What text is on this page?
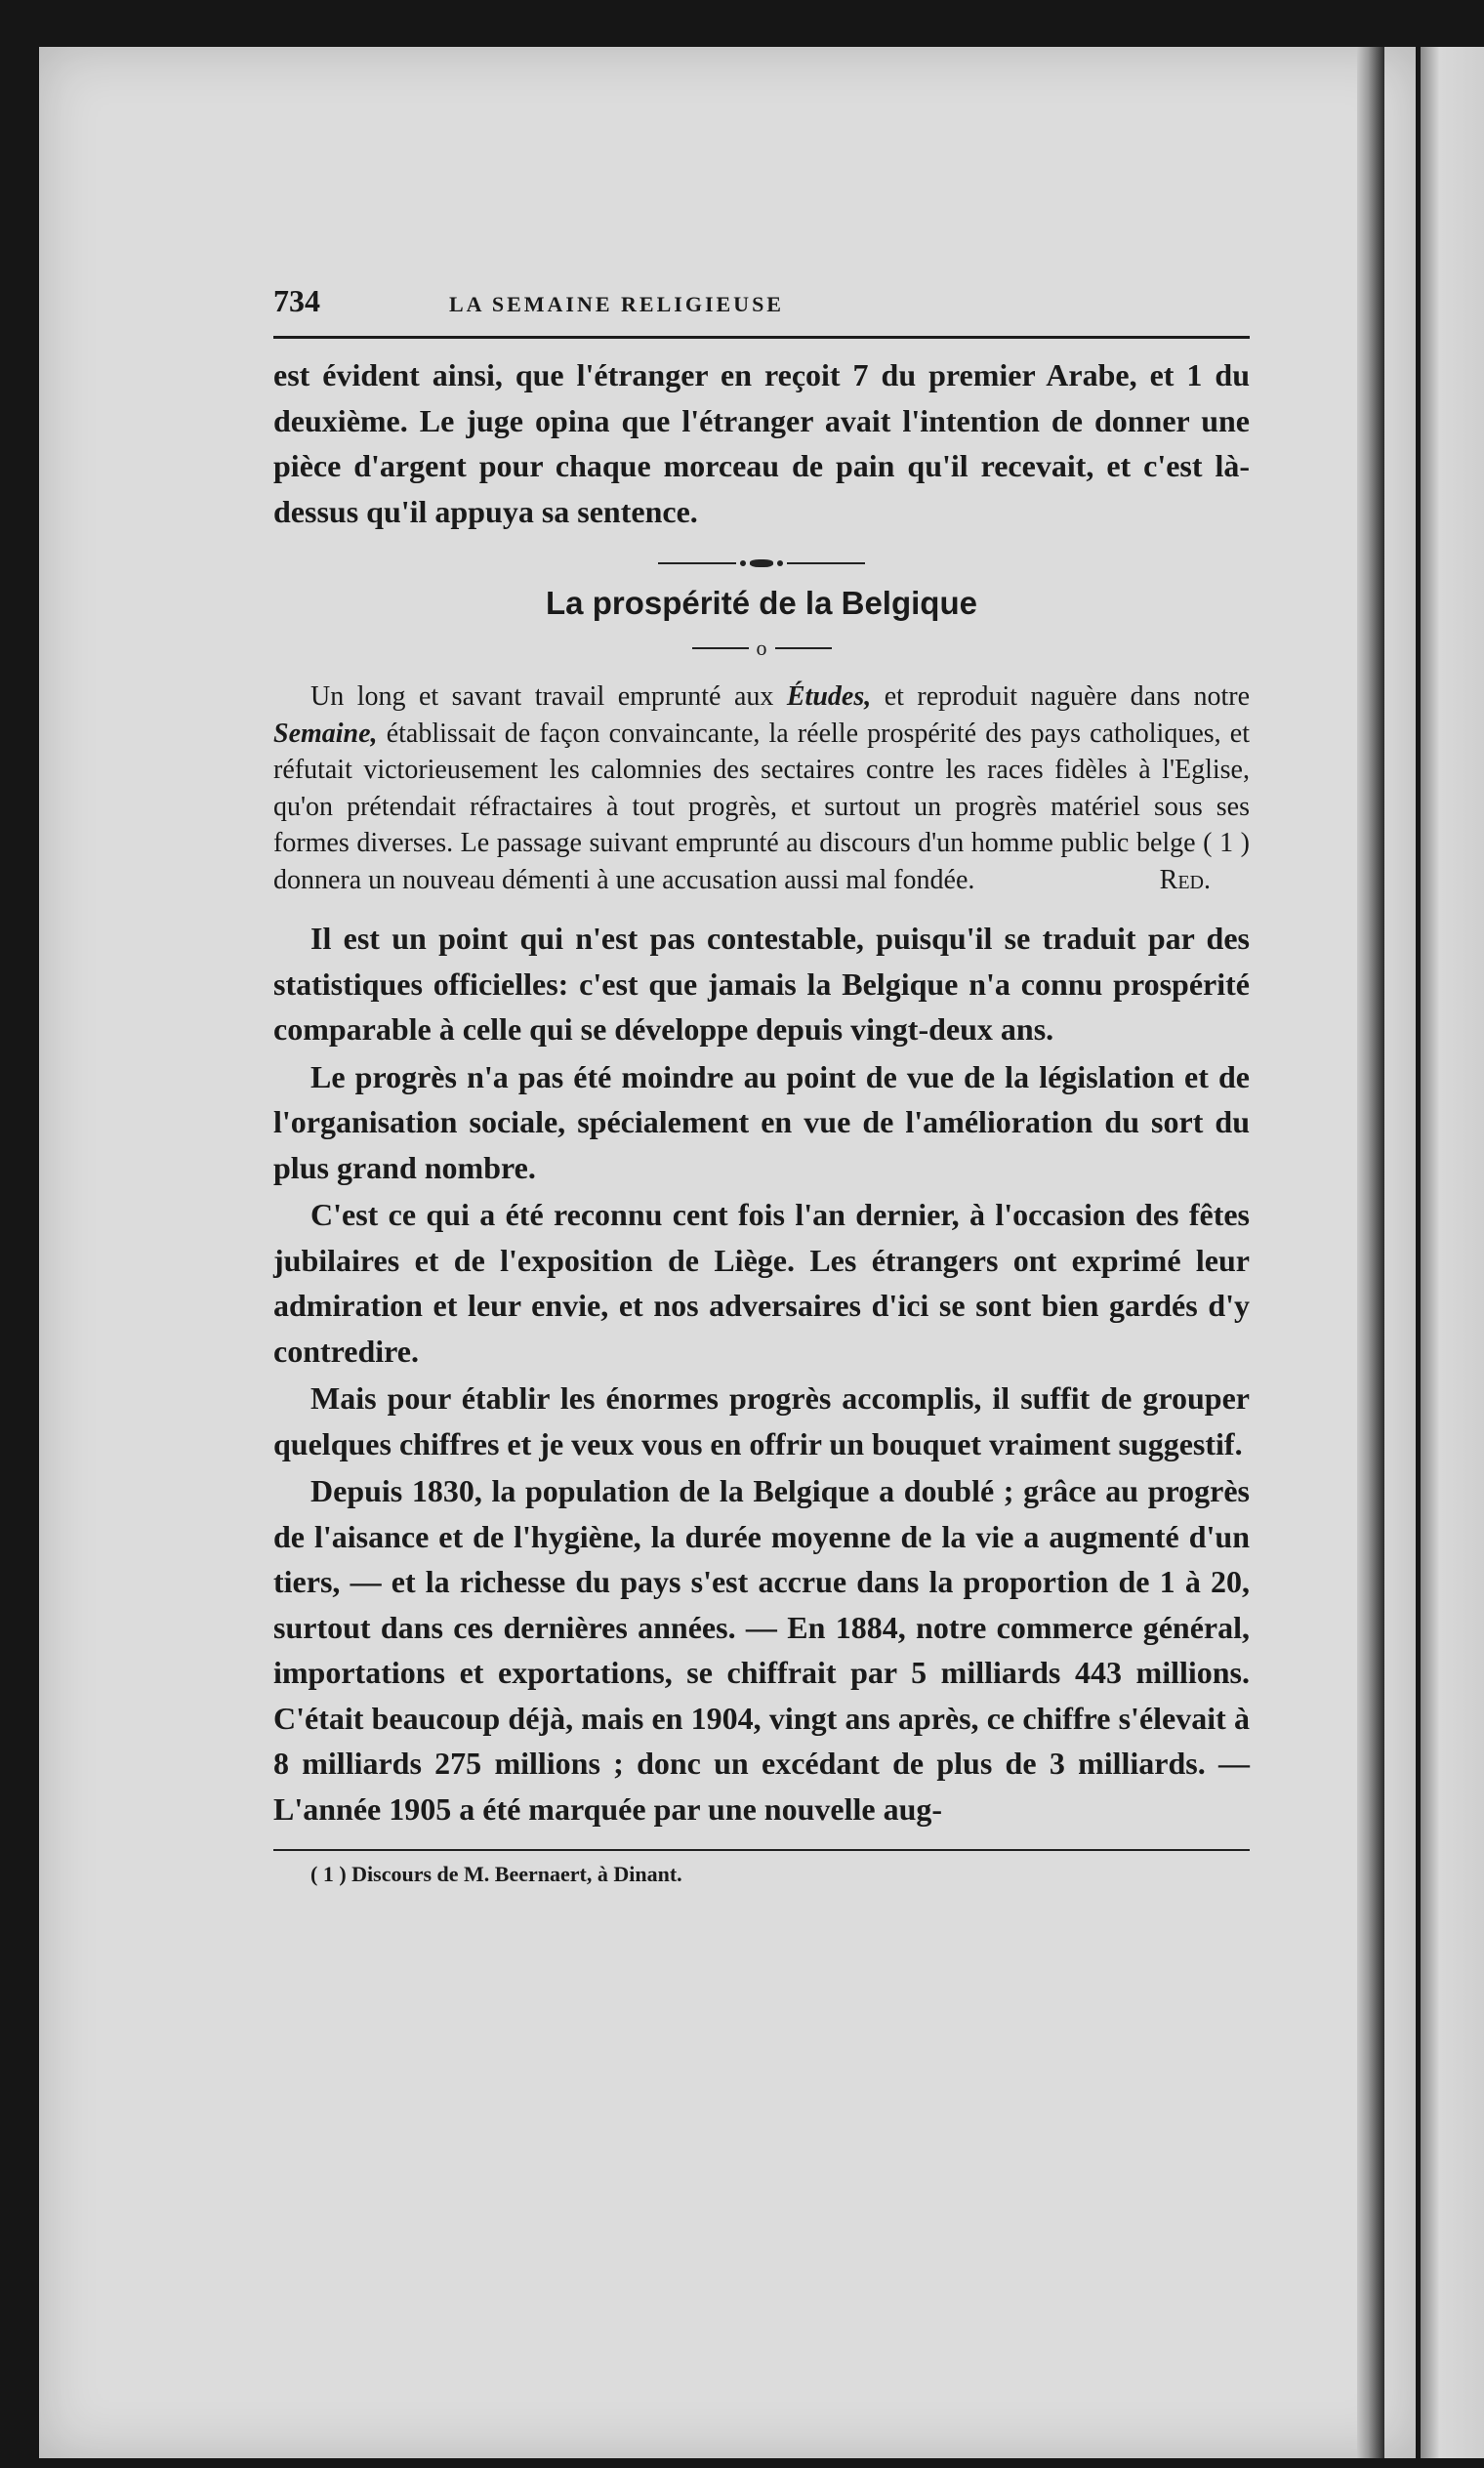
734	LA SEMAINE RELIGIEUSE

est évident ainsi, que l'étranger en reçoit 7 du premier Arabe, et 1 du deuxième. Le juge opina que l'étranger avait l'intention de donner une pièce d'argent pour chaque morceau de pain qu'il recevait, et c'est là-dessus qu'il appuya sa sentence.

La prospérité de la Belgique
o

Un long et savant travail emprunté aux Études, et reproduit naguère dans notre Semaine, établissait de façon convaincante, la réelle prospérité des pays catholiques, et réfutait victorieusement les calomnies des sectaires contre les races fidèles à l'Eglise, qu'on prétendait réfractaires à tout progrès, et surtout un progrès matériel sous ses formes diverses. Le passage suivant emprunté au discours d'un homme public belge ( 1 ) donnera un nouveau démenti à une accusation aussi mal fondée.	Red.

Il est un point qui n'est pas contestable, puisqu'il se traduit par des statistiques officielles: c'est que jamais la Belgique n'a connu prospérité comparable à celle qui se développe depuis vingt-deux ans.

Le progrès n'a pas été moindre au point de vue de la législation et de l'organisation sociale, spécialement en vue de l'amélioration du sort du plus grand nombre.

C'est ce qui a été reconnu cent fois l'an dernier, à l'occasion des fêtes jubilaires et de l'exposition de Liège. Les étrangers ont exprimé leur admiration et leur envie, et nos adversaires d'ici se sont bien gardés d'y contredire.

Mais pour établir les énormes progrès accomplis, il suffit de grouper quelques chiffres et je veux vous en offrir un bouquet vraiment suggestif.

Depuis 1830, la population de la Belgique a doublé ; grâce au progrès de l'aisance et de l'hygiène, la durée moyenne de la vie a augmenté d'un tiers, — et la richesse du pays s'est accrue dans la proportion de 1 à 20, surtout dans ces dernières années. — En 1884, notre commerce général, importations et exportations, se chiffrait par 5 milliards 443 millions. C'était beaucoup déjà, mais en 1904, vingt ans après, ce chiffre s'élevait à 8 milliards 275 millions ; donc un excédant de plus de 3 milliards. — L'année 1905 a été marquée par une nouvelle aug-

( 1 ) Discours de M. Beernaert, à Dinant.
